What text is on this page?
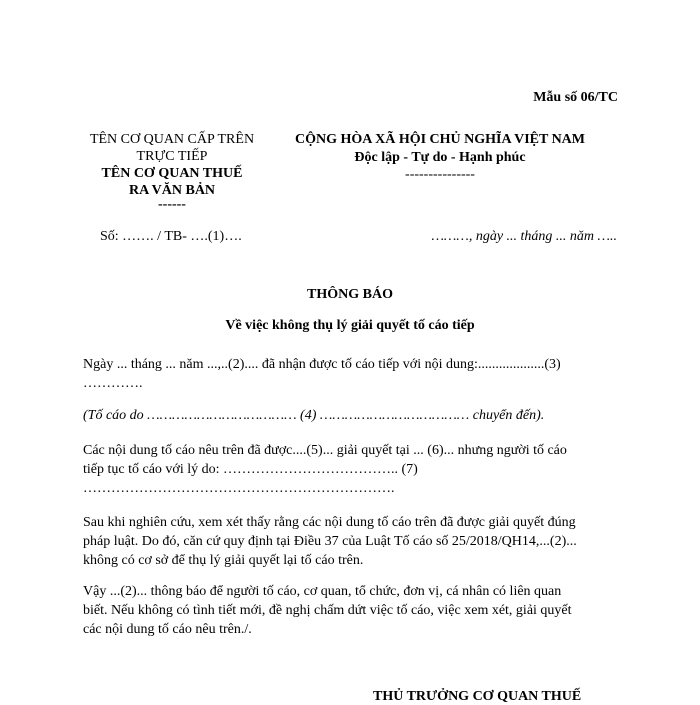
Mẫu số 06/TC
TÊN CƠ QUAN CẤP TRÊN
TRỰC TIẾP
TÊN CƠ QUAN THUẾ
RA VĂN BẢN
------
Số: ……. / TB- ….(1)….
CỘNG HÒA XÃ HỘI CHỦ NGHĨA VIỆT NAM
Độc lập - Tự do - Hạnh phúc
---------------
………, ngày ... tháng ... năm …..
THÔNG BÁO
Về việc không thụ lý giải quyết tố cáo tiếp
Ngày ... tháng ... năm ...,..(2).... đã nhận được tố cáo tiếp với nội dung:...................(3)
………….
(Tố cáo do ……………………………… (4) ……………………………… chuyển đến).
Các nội dung tố cáo nêu trên đã được....(5)... giải quyết tại ... (6)... nhưng người tố cáo
tiếp tục tố cáo với lý do: ……………………………….. (7)
………………………………………………………….
Sau khi nghiên cứu, xem xét thấy rằng các nội dung tố cáo trên đã được giải quyết đúng
pháp luật. Do đó, căn cứ quy định tại Điều 37 của Luật Tố cáo số 25/2018/QH14,...(2)...
không có cơ sở để thụ lý giải quyết lại tố cáo trên.
Vậy ...(2)... thông báo để người tố cáo, cơ quan, tổ chức, đơn vị, cá nhân có liên quan
biết. Nếu không có tình tiết mới, đề nghị chấm dứt việc tố cáo, việc xem xét, giải quyết
các nội dung tố cáo nêu trên./.
THỦ TRƯỞNG CƠ QUAN THUẾ
